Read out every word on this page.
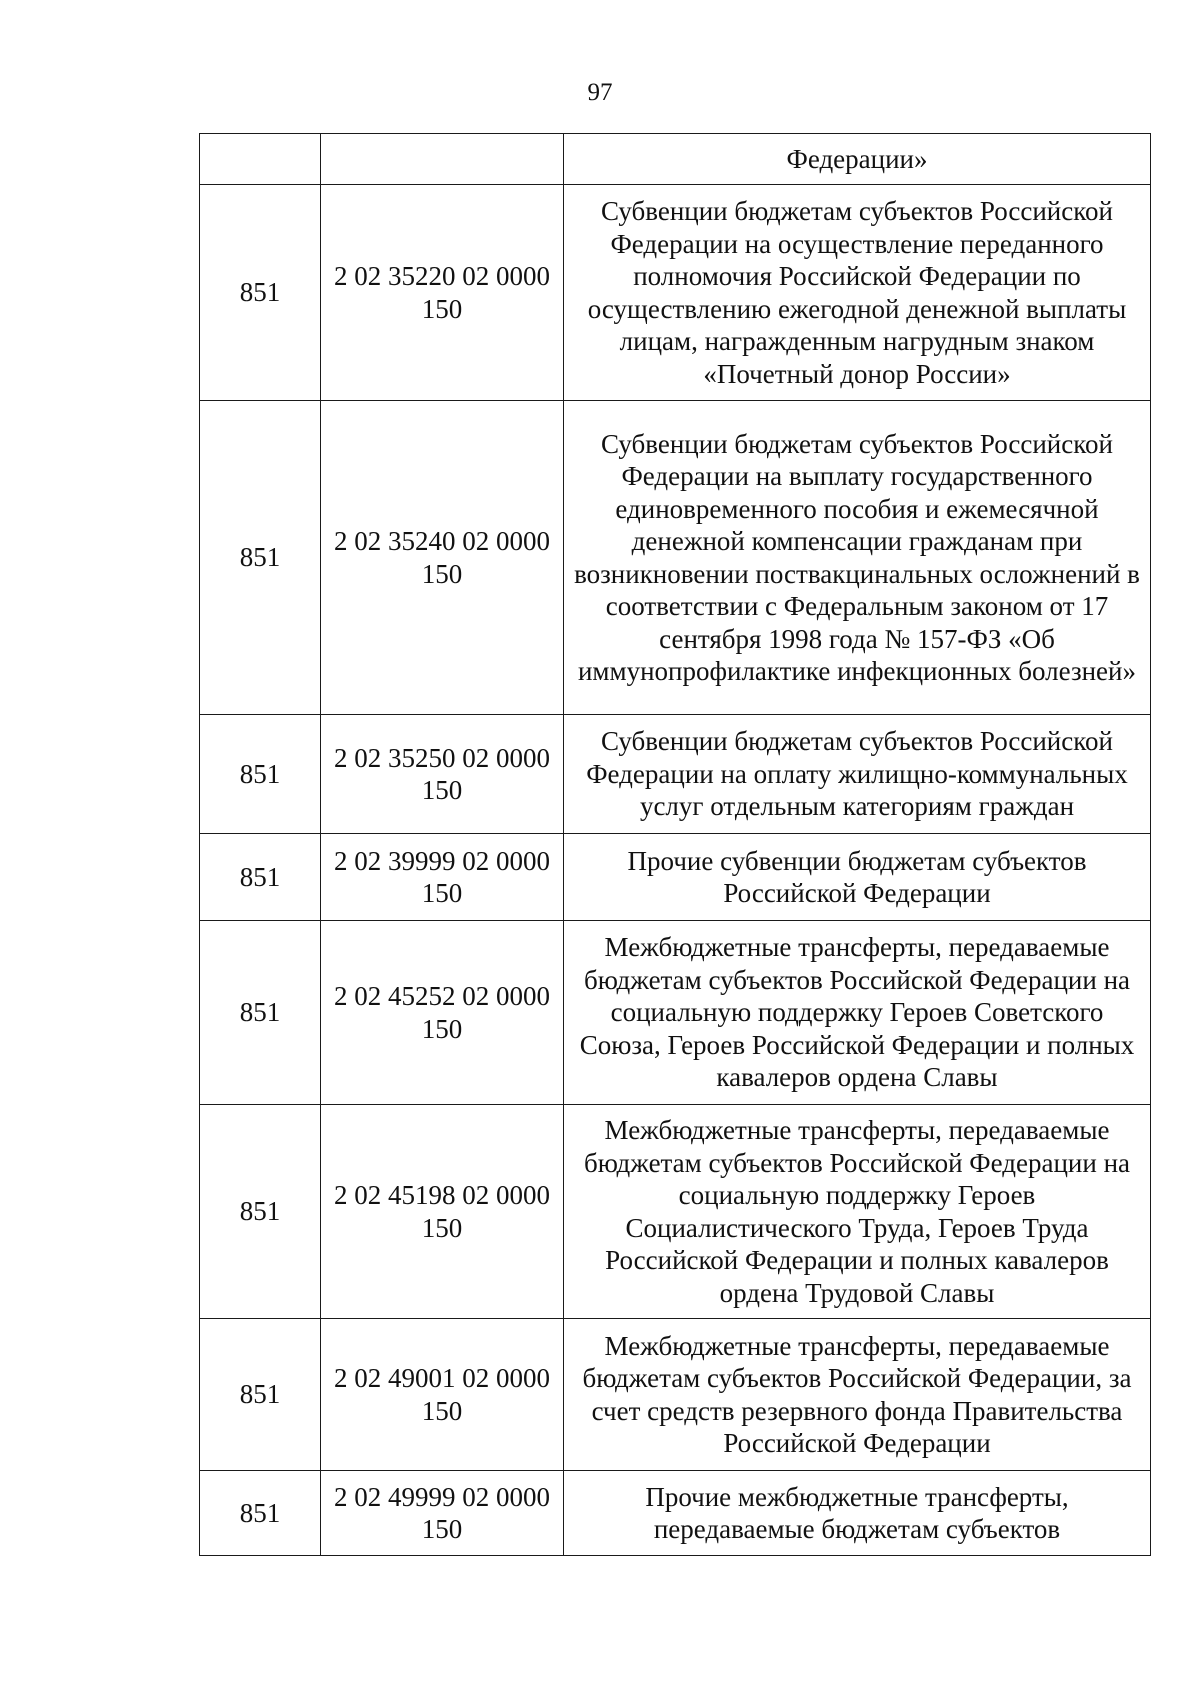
97
		Федерации»
851	2 02 35220 02 0000 150	Субвенции бюджетам субъектов Российской Федерации на осуществление переданного полномочия Российской Федерации по осуществлению ежегодной денежной выплаты лицам, награжденным нагрудным знаком «Почетный донор России»
851	2 02 35240 02 0000 150	Субвенции бюджетам субъектов Российской Федерации на выплату государственного единовременного пособия и ежемесячной денежной компенсации гражданам при возникновении поствакцинальных осложнений в соответствии с Федеральным законом от 17 сентября 1998 года № 157-ФЗ «Об иммунопрофилактике инфекционных болезней»
851	2 02 35250 02 0000 150	Субвенции бюджетам субъектов Российской Федерации на оплату жилищно-коммунальных услуг отдельным категориям граждан
851	2 02 39999 02 0000 150	Прочие субвенции бюджетам субъектов Российской Федерации
851	2 02 45252 02 0000 150	Межбюджетные трансферты, передаваемые бюджетам субъектов Российской Федерации на социальную поддержку Героев Советского Союза, Героев Российской Федерации и полных кавалеров ордена Славы
851	2 02 45198 02 0000 150	Межбюджетные трансферты, передаваемые бюджетам субъектов Российской Федерации на социальную поддержку Героев Социалистического Труда, Героев Труда Российской Федерации и полных кавалеров ордена Трудовой Славы
851	2 02 49001 02 0000 150	Межбюджетные трансферты, передаваемые бюджетам субъектов Российской Федерации, за счет средств резервного фонда Правительства Российской Федерации
851	2 02 49999 02 0000 150	Прочие межбюджетные трансферты, передаваемые бюджетам субъектов
